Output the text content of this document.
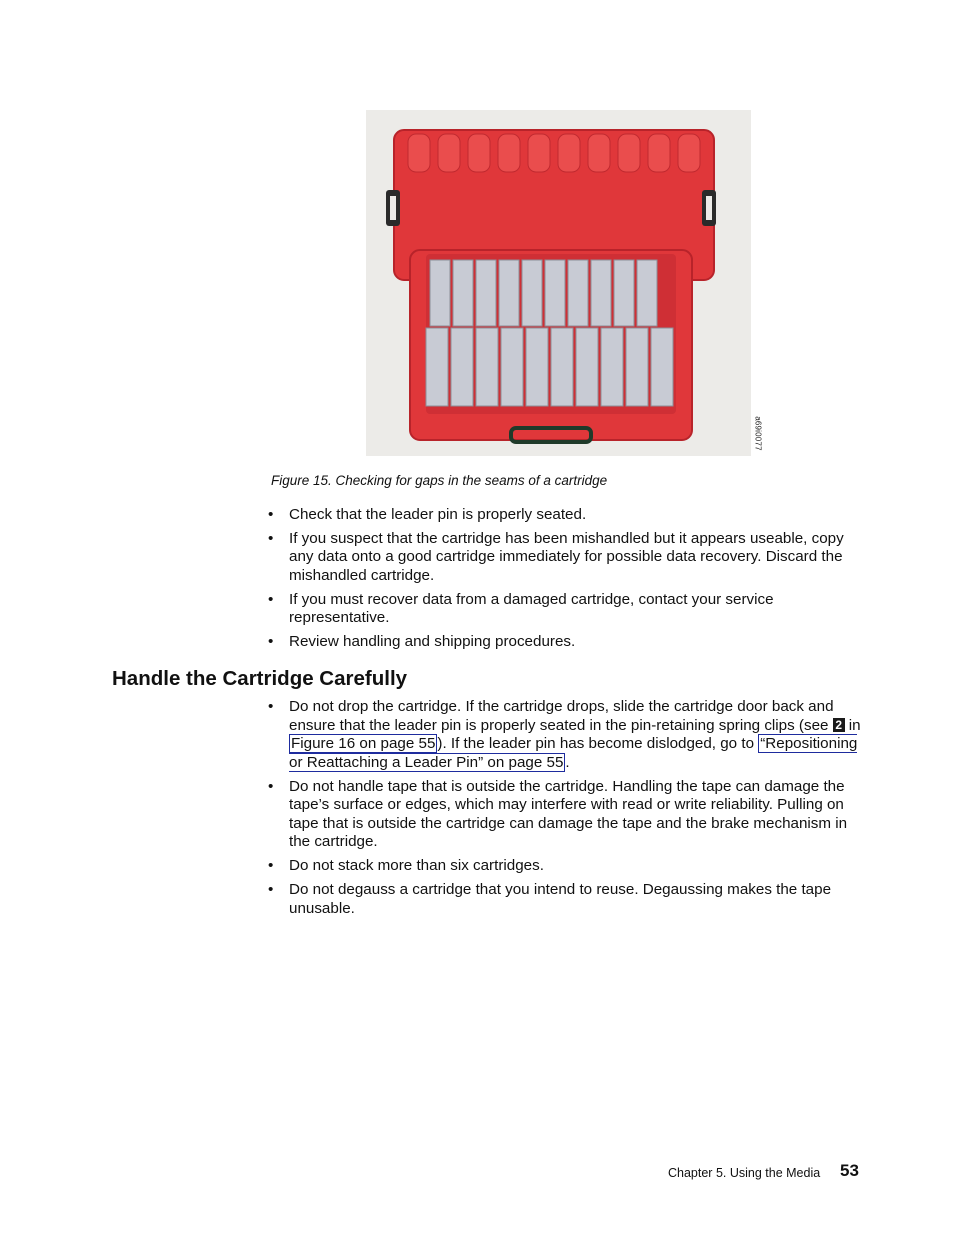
a69i0077
Figure 15. Checking for gaps in the seams of a cartridge
• Check that the leader pin is properly seated.
• If you suspect that the cartridge has been mishandled but it appears useable, copy any data onto a good cartridge immediately for possible data recovery. Discard the mishandled cartridge.
• If you must recover data from a damaged cartridge, contact your service representative.
• Review handling and shipping procedures.
Handle the Cartridge Carefully
• Do not drop the cartridge. If the cartridge drops, slide the cartridge door back and ensure that the leader pin is properly seated in the pin-retaining spring clips (see 2 in Figure 16 on page 55 ). If the leader pin has become dislodged, go to “Repositioning or Reattaching a Leader Pin” on page 55 .
• Do not handle tape that is outside the cartridge. Handling the tape can damage the tape’s surface or edges, which may interfere with read or write reliability. Pulling on tape that is outside the cartridge can damage the tape and the brake mechanism in the cartridge.
• Do not stack more than six cartridges.
• Do not degauss a cartridge that you intend to reuse. Degaussing makes the tape unusable.
Chapter 5. Using the Media 53
